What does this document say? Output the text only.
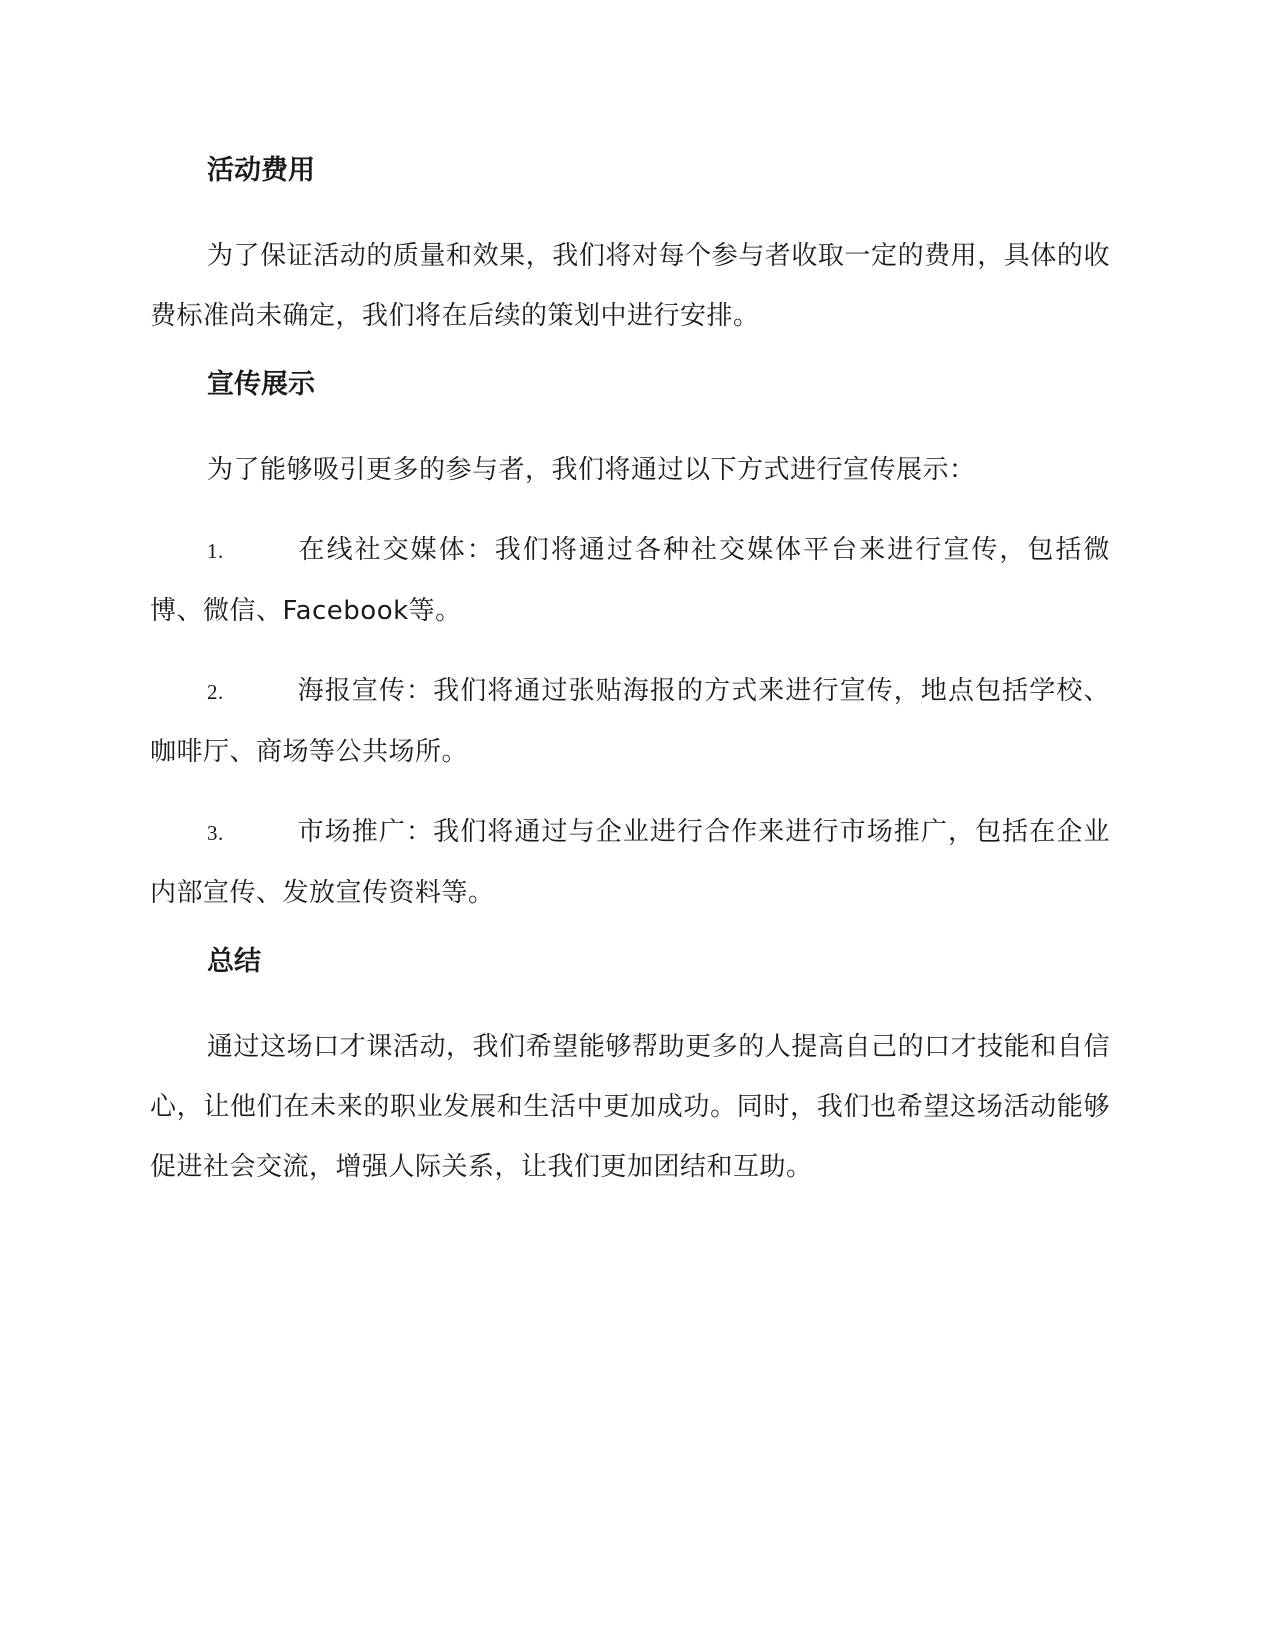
活动费用

为了保证活动的质量和效果，我们将对每个参与者收取一定的费用，具体的收费标准尚未确定，我们将在后续的策划中进行安排。

宣传展示

为了能够吸引更多的参与者，我们将通过以下方式进行宣传展示：

1.	在线社交媒体：我们将通过各种社交媒体平台来进行宣传，包括微博、微信、Facebook等。
2.	海报宣传：我们将通过张贴海报的方式来进行宣传，地点包括学校、咖啡厅、商场等公共场所。
3.	市场推广：我们将通过与企业进行合作来进行市场推广，包括在企业内部宣传、发放宣传资料等。
总结

通过这场口才课活动，我们希望能够帮助更多的人提高自己的口才技能和自信心，让他们在未来的职业发展和生活中更加成功。同时，我们也希望这场活动能够促进社会交流，增强人际关系，让我们更加团结和互助。
